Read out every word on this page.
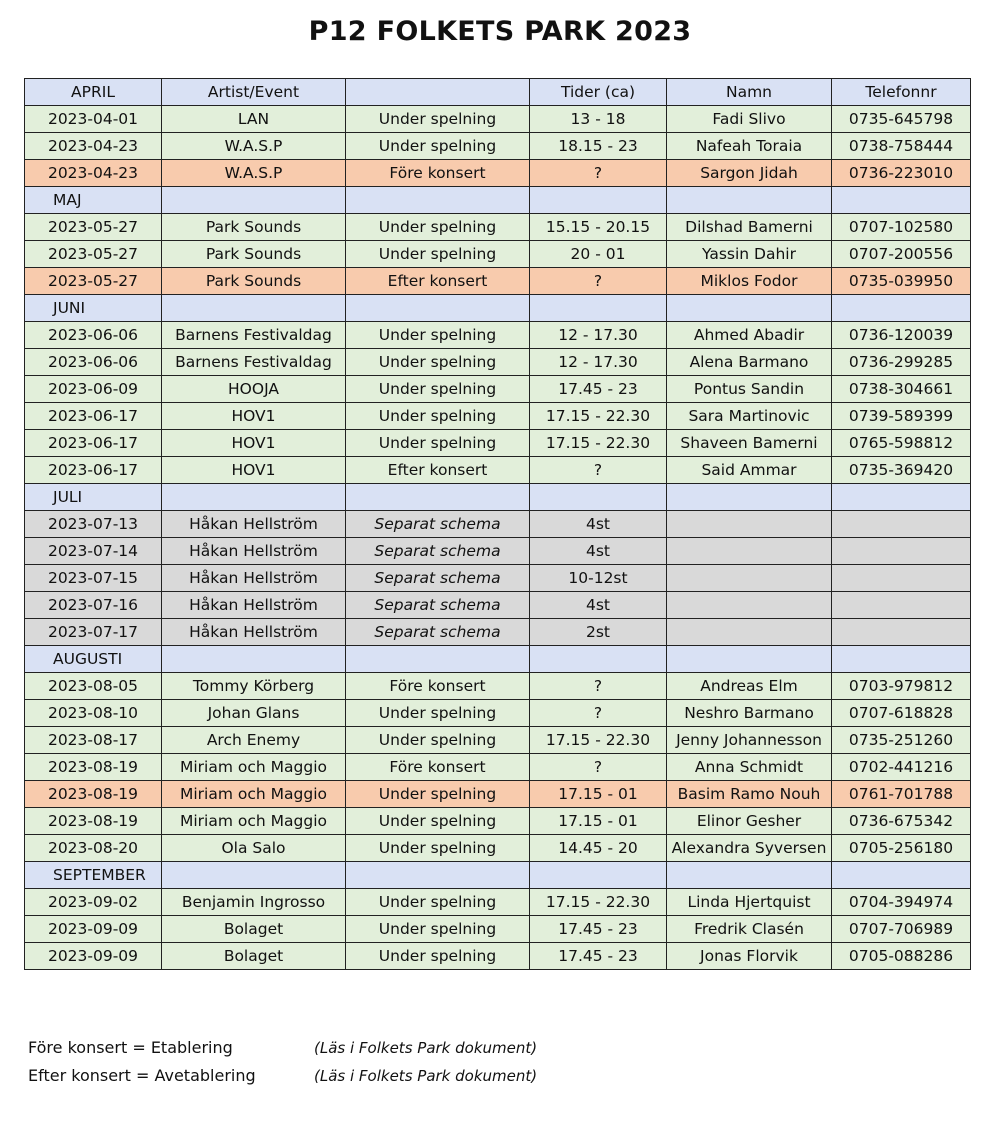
P12 FOLKETS PARK 2023
APRIL	Artist/Event		Tider (ca)	Namn	Telefonnr
2023-04-01	LAN	Under spelning	13 - 18	Fadi Slivo	0735-645798
2023-04-23	W.A.S.P	Under spelning	18.15 - 23	Nafeah Toraia	0738-758444
2023-04-23	W.A.S.P	Före konsert	?	Sargon Jidah	0736-223010
MAJ					
2023-05-27	Park Sounds	Under spelning	15.15 - 20.15	Dilshad Bamerni	0707-102580
2023-05-27	Park Sounds	Under spelning	20 - 01	Yassin Dahir	0707-200556
2023-05-27	Park Sounds	Efter konsert	?	Miklos Fodor	0735-039950
JUNI					
2023-06-06	Barnens Festivaldag	Under spelning	12 - 17.30	Ahmed Abadir	0736-120039
2023-06-06	Barnens Festivaldag	Under spelning	12 - 17.30	Alena Barmano	0736-299285
2023-06-09	HOOJA	Under spelning	17.45 - 23	Pontus Sandin	0738-304661
2023-06-17	HOV1	Under spelning	17.15 - 22.30	Sara Martinovic	0739-589399
2023-06-17	HOV1	Under spelning	17.15 - 22.30	Shaveen Bamerni	0765-598812
2023-06-17	HOV1	Efter konsert	?	Said Ammar	0735-369420
JULI					
2023-07-13	Håkan Hellström	Separat schema	4st		
2023-07-14	Håkan Hellström	Separat schema	4st		
2023-07-15	Håkan Hellström	Separat schema	10-12st		
2023-07-16	Håkan Hellström	Separat schema	4st		
2023-07-17	Håkan Hellström	Separat schema	2st		
AUGUSTI					
2023-08-05	Tommy Körberg	Före konsert	?	Andreas Elm	0703-979812
2023-08-10	Johan Glans	Under spelning	?	Neshro Barmano	0707-618828
2023-08-17	Arch Enemy	Under spelning	17.15 - 22.30	Jenny Johannesson	0735-251260
2023-08-19	Miriam och Maggio	Före konsert	?	Anna Schmidt	0702-441216
2023-08-19	Miriam och Maggio	Under spelning	17.15 - 01	Basim Ramo Nouh	0761-701788
2023-08-19	Miriam och Maggio	Under spelning	17.15 - 01	Elinor Gesher	0736-675342
2023-08-20	Ola Salo	Under spelning	14.45 - 20	Alexandra Syversen	0705-256180
SEPTEMBER					
2023-09-02	Benjamin Ingrosso	Under spelning	17.15 - 22.30	Linda Hjertquist	0704-394974
2023-09-09	Bolaget	Under spelning	17.45 - 23	Fredrik Clasén	0707-706989
2023-09-09	Bolaget	Under spelning	17.45 - 23	Jonas Florvik	0705-088286
Före konsert = Etablering	(Läs i Folkets Park dokument)
Efter konsert = Avetablering	(Läs i Folkets Park dokument)
